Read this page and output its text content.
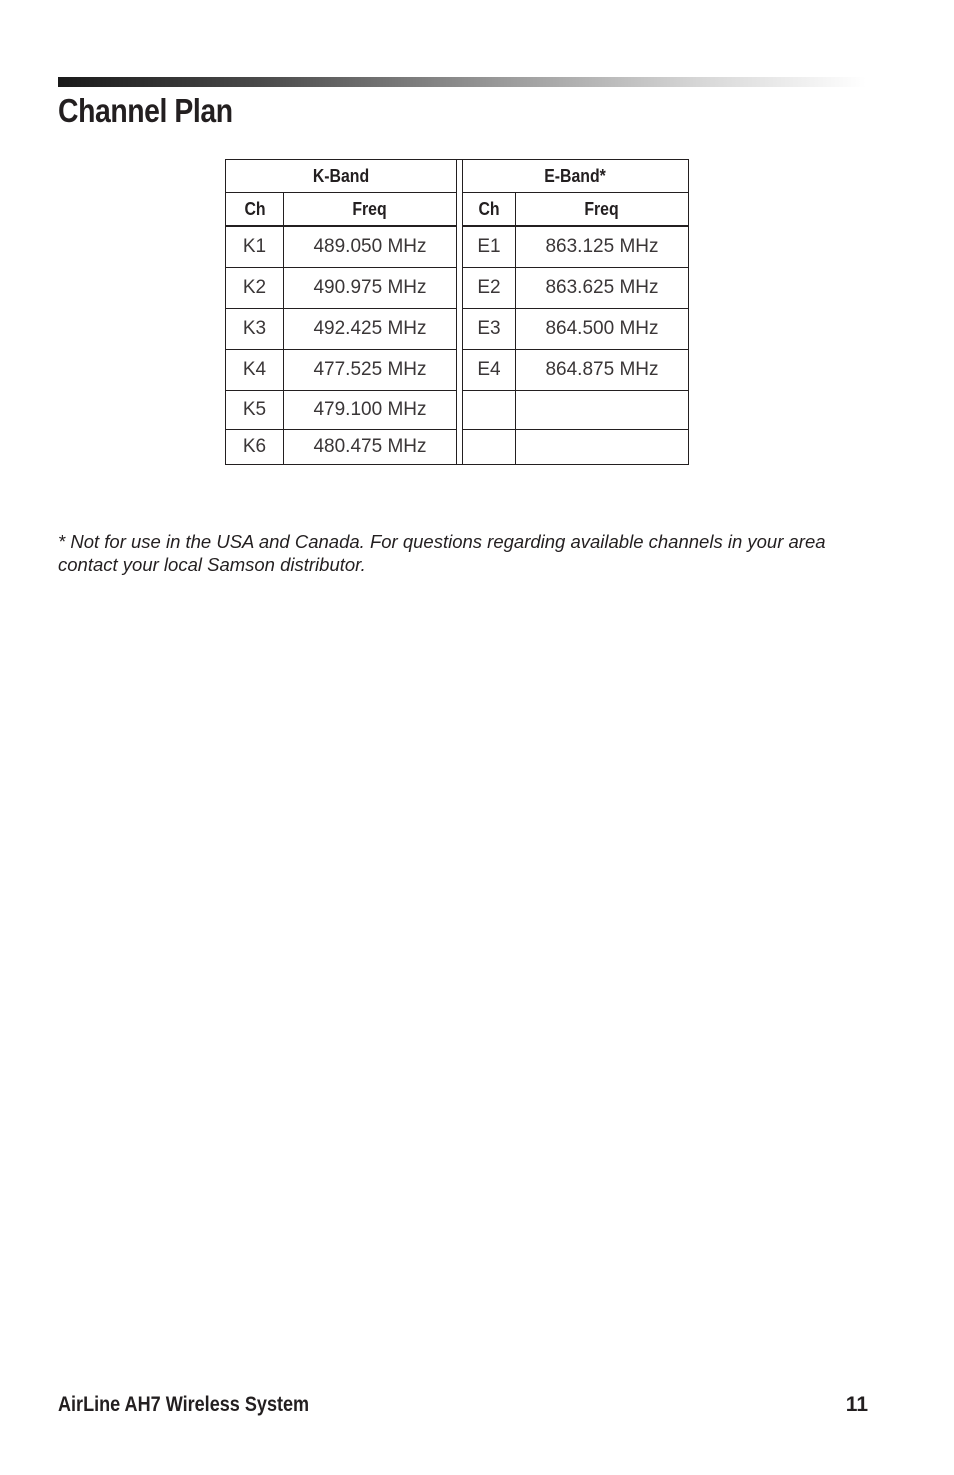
Channel Plan
K-Band			E-Band*	
Ch	Freq		Ch	Freq
K1	489.050 MHz		E1	863.125 MHz
K2	490.975 MHz		E2	863.625 MHz
K3	492.425 MHz		E3	864.500 MHz
K4	477.525 MHz		E4	864.875 MHz
K5	479.100 MHz			
K6	480.475 MHz			

* Not for use in the USA and Canada. For questions regarding available channels in your area contact your local Samson distributor.

AirLine AH7 Wireless System	11
